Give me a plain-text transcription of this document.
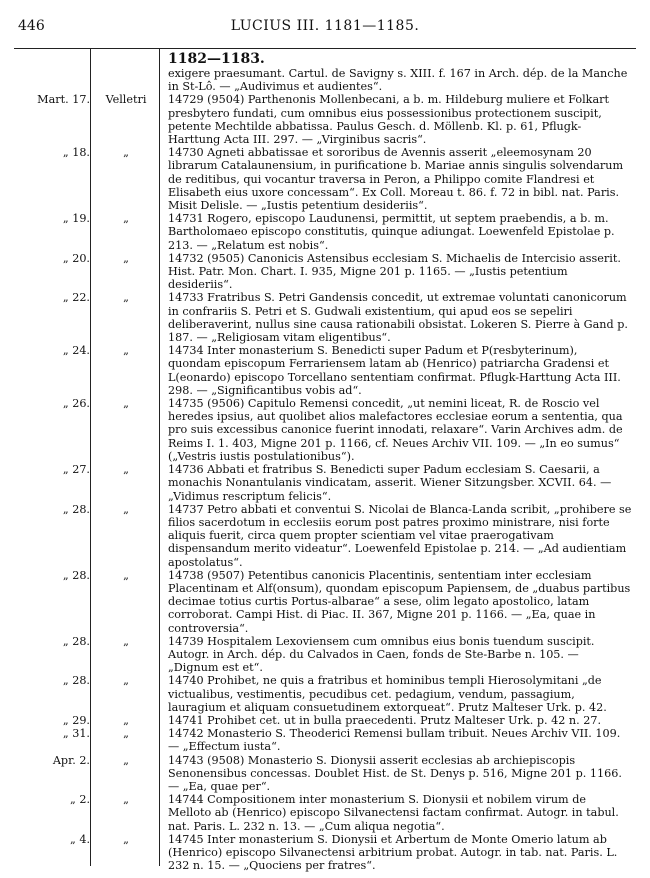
446	LUCIUS III. 1181—1185.
1182—1183.
exigere praesumant. Cartul. de Savigny s. XIII. f. 167 in Arch. dép. de la Manche in St-Lô. — „Audivimus et audientes“.
Mart. 17.	Velletri	14729 (9504) Parthenonis Mollenbecani, a b. m. Hildeburg muliere et Folkart presbytero fundati, cum omnibus eius possessionibus protectionem suscipit, petente Mechtilde abbatissa. Paulus Gesch. d. Möllenb. Kl. p. 61, Pflugk-Harttung Acta III. 297. — „Virginibus sacris“.
„ 18.	„	14730 Agneti abbatissae et sororibus de Avennis asserit „eleemosynam 20 librarum Catalaunensium, in purificatione b. Mariae annis singulis solvendarum de reditibus, qui vocantur traversa in Peron, a Philippo comite Flandresi et Elisabeth eius uxore concessam“. Ex Coll. Moreau t. 86. f. 72 in bibl. nat. Paris. Misit Delisle. — „Iustis petentium desideriis“.
„ 19.	„	14731 Rogero, episcopo Laudunensi, permittit, ut septem praebendis, a b. m. Bartholomaeo episcopo constitutis, quinque adiungat. Loewenfeld Epistolae p. 213. — „Relatum est nobis“.
„ 20.	„	14732 (9505) Canonicis Astensibus ecclesiam S. Michaelis de Intercisio asserit. Hist. Patr. Mon. Chart. I. 935, Migne 201 p. 1165. — „Iustis petentium desideriis“.
„ 22.	„	14733 Fratribus S. Petri Gandensis concedit, ut extremae voluntati canonicorum in confrariis S. Petri et S. Gudwali existentium, qui apud eos se sepeliri deliberaverint, nullus sine causa rationabili obsistat. Lokeren S. Pierre à Gand p. 187. — „Religiosam vitam eligentibus“.
„ 24.	„	14734 Inter monasterium S. Benedicti super Padum et P(resbyterinum), quondam episcopum Ferrariensem latam ab (Henrico) patriarcha Gradensi et L(eonardo) episcopo Torcellano sententiam confirmat. Pflugk-Harttung Acta III. 298. — „Significantibus vobis ad“.
„ 26.	„	14735 (9506) Capitulo Remensi concedit, „ut nemini liceat, R. de Roscio vel heredes ipsius, aut quolibet alios malefactores ecclesiae eorum a sententia, qua pro suis excessibus canonice fuerint innodati, relaxare“. Varin Archives adm. de Reims I. 1. 403, Migne 201 p. 1166, cf. Neues Archiv VII. 109. — „In eo sumus“ („Vestris iustis postulationibus“).
„ 27.	„	14736 Abbati et fratribus S. Benedicti super Padum ecclesiam S. Caesarii, a monachis Nonantulanis vindicatam, asserit. Wiener Sitzungsber. XCVII. 64. — „Vidimus rescriptum felicis“.
„ 28.	„	14737 Petro abbati et conventui S. Nicolai de Blanca-Landa scribit, „prohibere se filios sacerdotum in ecclesiis eorum post patres proximo ministrare, nisi forte aliquis fuerit, circa quem propter scientiam vel vitae praerogativam dispensandum merito videatur“. Loewenfeld Epistolae p. 214. — „Ad audientiam apostolatus“.
„ 28.	„	14738 (9507) Petentibus canonicis Placentinis, sententiam inter ecclesiam Placentinam et Alf(onsum), quondam episcopum Papiensem, de „duabus partibus decimae totius curtis Portus-albarae“ a sese, olim legato apostolico, latam corroborat. Campi Hist. di Piac. II. 367, Migne 201 p. 1166. — „Ea, quae in controversia“.
„ 28.	„	14739 Hospitalem Lexoviensem cum omnibus eius bonis tuendum suscipit. Autogr. in Arch. dép. du Calvados in Caen, fonds de Ste-Barbe n. 105. — „Dignum est et“.
„ 28.	„	14740 Prohibet, ne quis a fratribus et hominibus templi Hierosolymitani „de victualibus, vestimentis, pecudibus cet. pedagium, vendum, passagium, lauragium et aliquam consuetudinem extorqueat“. Prutz Malteser Urk. p. 42.
„ 29.	„	14741 Prohibet cet. ut in bulla praecedenti. Prutz Malteser Urk. p. 42 n. 27.
„ 31.	„	14742 Monasterio S. Theoderici Remensi bullam tribuit. Neues Archiv VII. 109. — „Effectum iusta“.
Apr. 2.	„	14743 (9508) Monasterio S. Dionysii asserit ecclesias ab archiepiscopis Senonensibus concessas. Doublet Hist. de St. Denys p. 516, Migne 201 p. 1166. — „Ea, quae per“.
„ 2.	„	14744 Compositionem inter monasterium S. Dionysii et nobilem virum de Melloto ab (Henrico) episcopo Silvanectensi factam confirmat. Autogr. in tabul. nat. Paris. L. 232 n. 13. — „Cum aliqua negotia“.
„ 4.	„	14745 Inter monasterium S. Dionysii et Arbertum de Monte Omerio latum ab (Henrico) episcopo Silvanectensi arbitrium probat. Autogr. in tab. nat. Paris. L. 232 n. 15. — „Quociens per fratres“.
